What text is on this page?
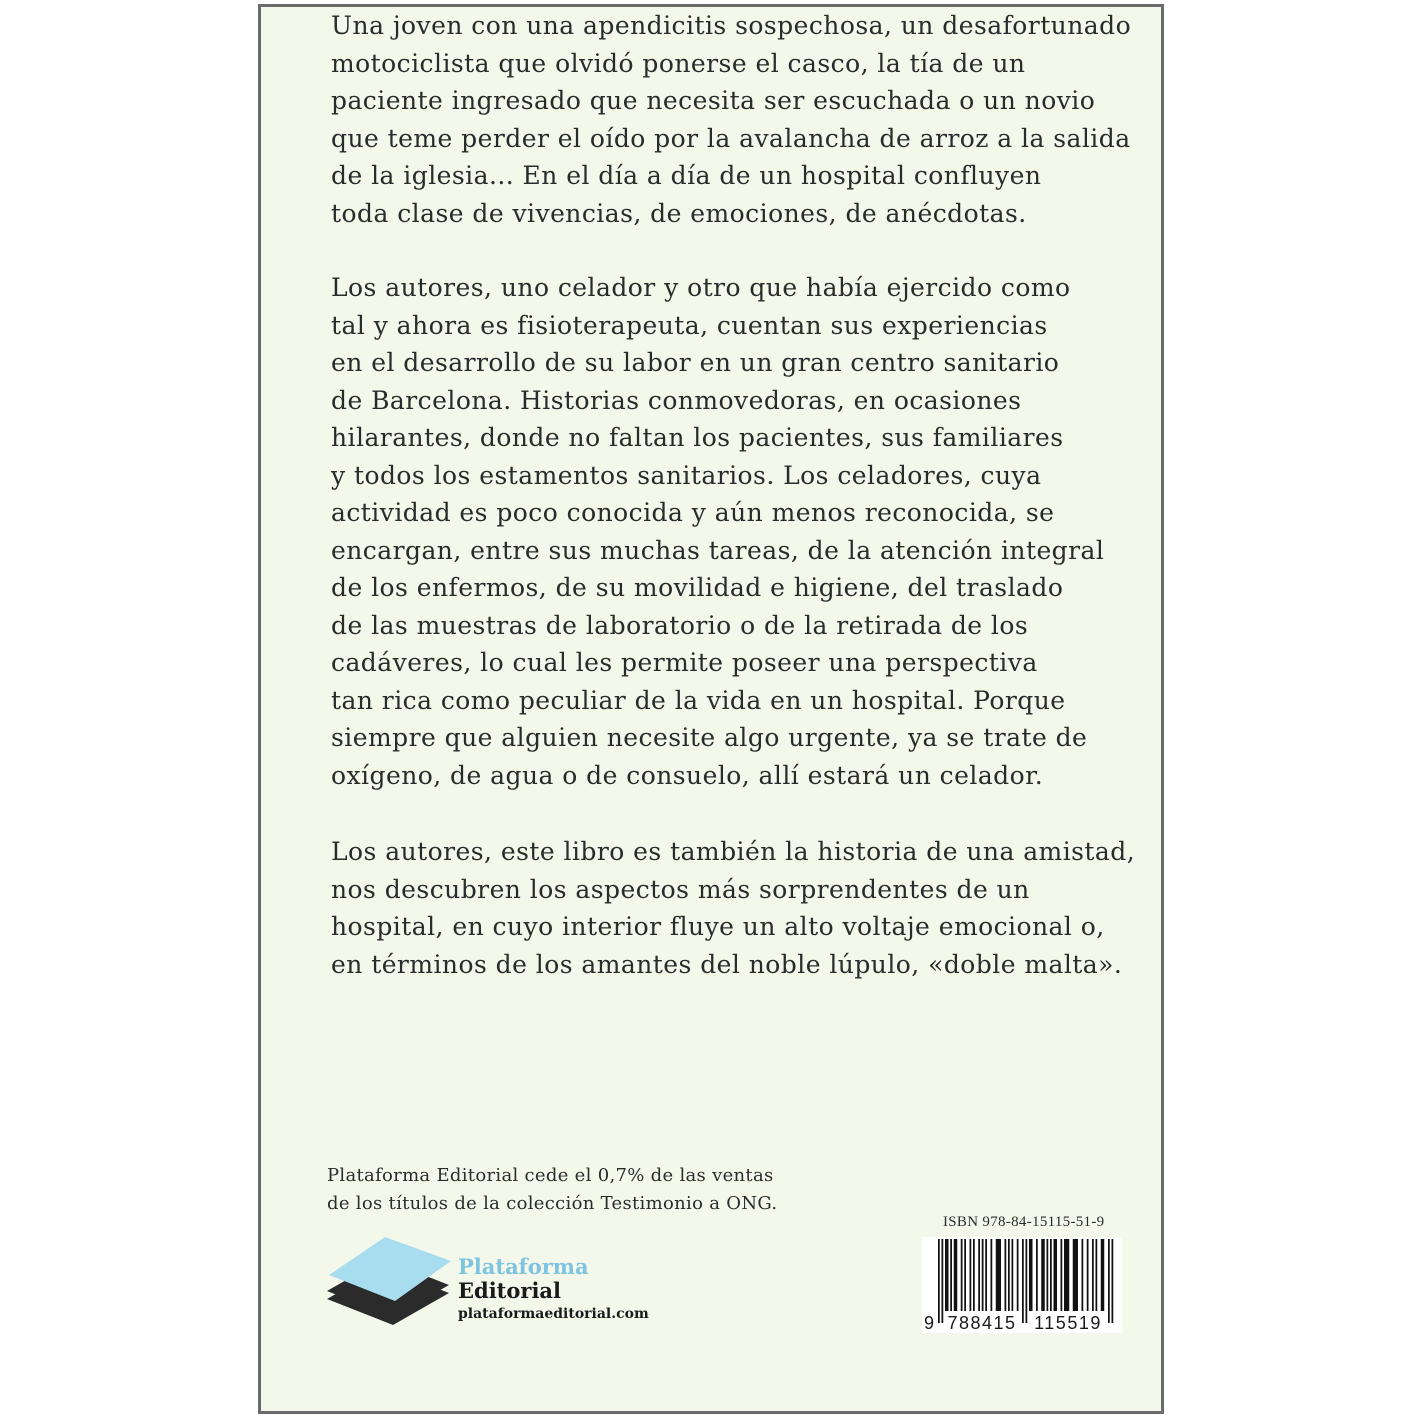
Una joven con una apendicitis sospechosa, un desafortunado
motociclista que olvidó ponerse el casco, la tía de un
paciente ingresado que necesita ser escuchada o un novio
que teme perder el oído por la avalancha de arroz a la salida
de la iglesia... En el día a día de un hospital confluyen
toda clase de vivencias, de emociones, de anécdotas.

Los autores, uno celador y otro que había ejercido como
tal y ahora es fisioterapeuta, cuentan sus experiencias
en el desarrollo de su labor en un gran centro sanitario
de Barcelona. Historias conmovedoras, en ocasiones
hilarantes, donde no faltan los pacientes, sus familiares
y todos los estamentos sanitarios. Los celadores, cuya
actividad es poco conocida y aún menos reconocida, se
encargan, entre sus muchas tareas, de la atención integral
de los enfermos, de su movilidad e higiene, del traslado
de las muestras de laboratorio o de la retirada de los
cadáveres, lo cual les permite poseer una perspectiva
tan rica como peculiar de la vida en un hospital. Porque
siempre que alguien necesite algo urgente, ya se trate de
oxígeno, de agua o de consuelo, allí estará un celador.

Los autores, este libro es también la historia de una amistad,
nos descubren los aspectos más sorprendentes de un
hospital, en cuyo interior fluye un alto voltaje emocional o,
en términos de los amantes del noble lúpulo, «doble malta».

Plataforma Editorial cede el 0,7% de las ventas
de los títulos de la colección Testimonio a ONG.

Plataforma
Editorial
plataformaeditorial.com
ISBN 978-84-15115-51-9
9 788415 115519
